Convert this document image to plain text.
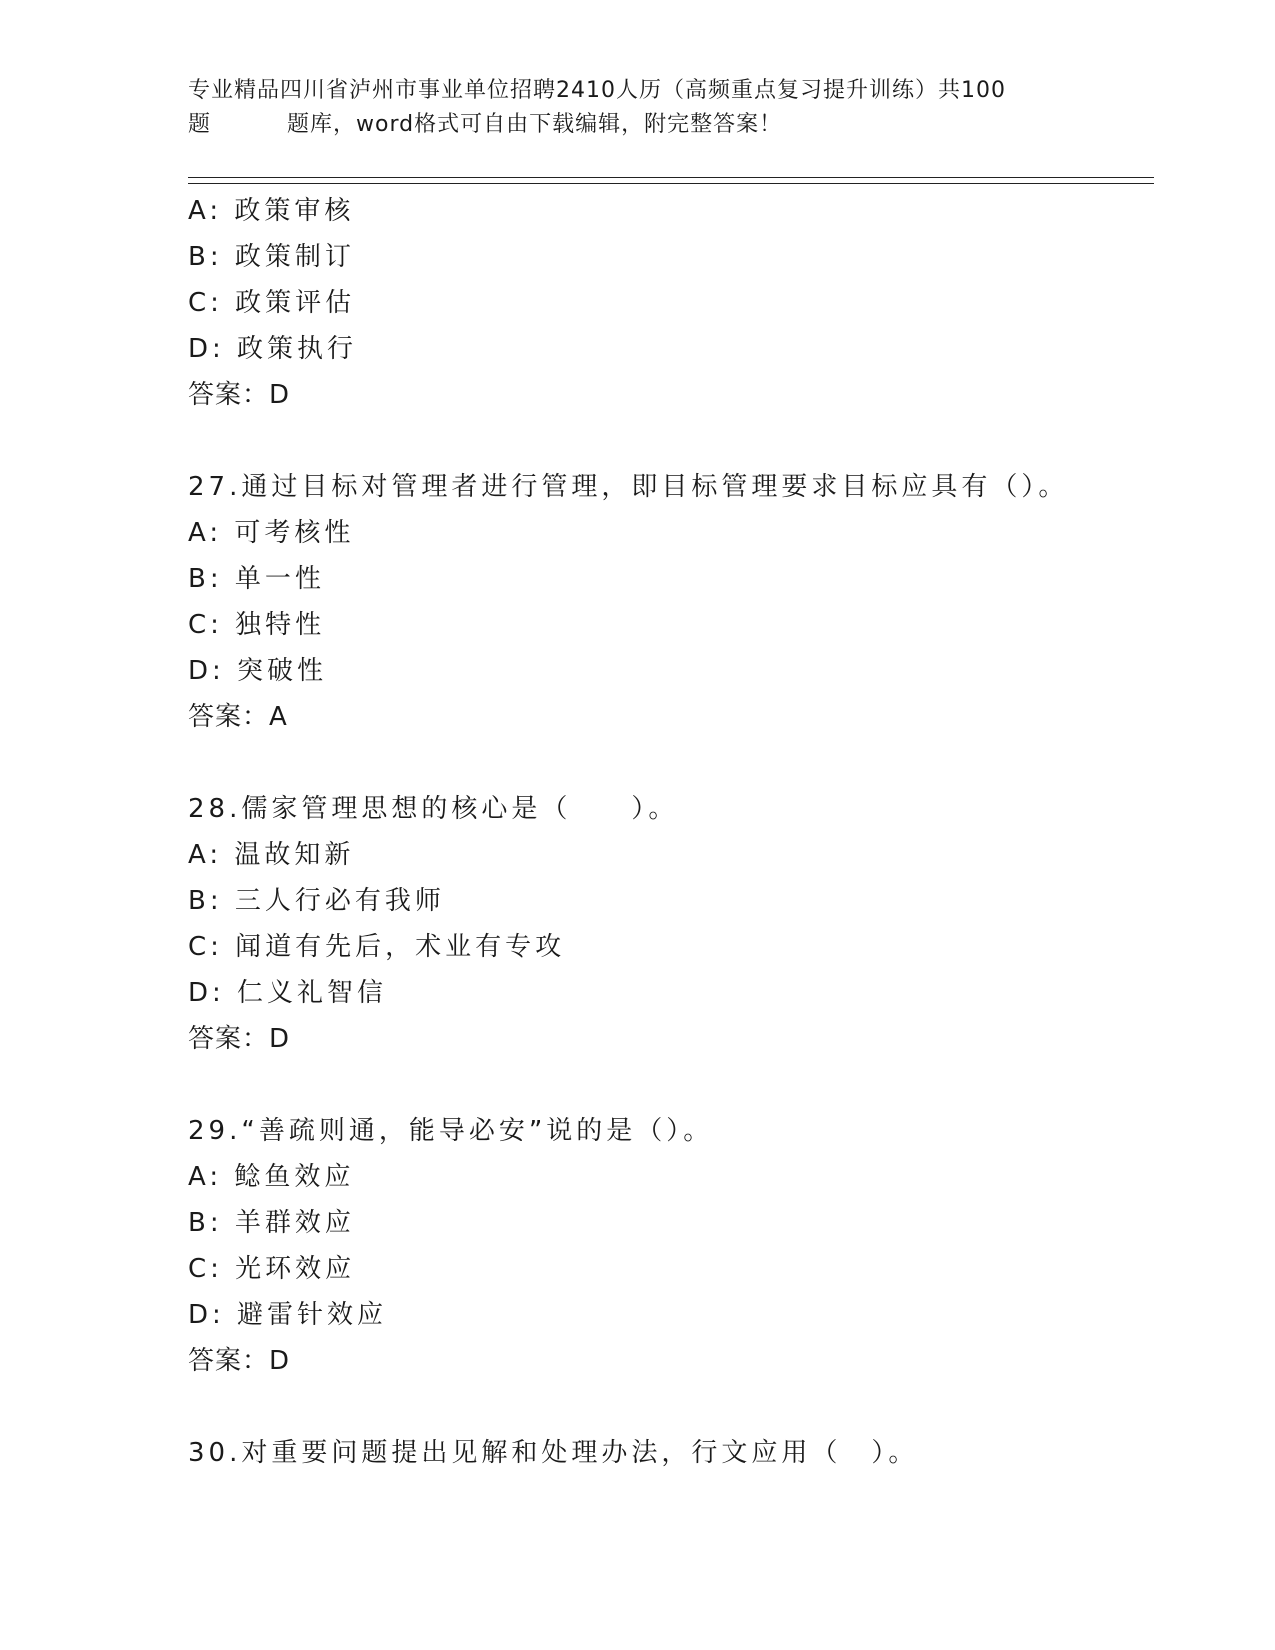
专业精品四川省泸州市事业单位招聘2410人历（高频重点复习提升训练）共100
题	题库，word格式可自由下载编辑，附完整答案！
A: 政策审核
B: 政策制订
C: 政策评估
D: 政策执行
答案：D
27.通过目标对管理者进行管理，即目标管理要求目标应具有（）。
A: 可考核性
B: 单一性
C: 独特性
D: 突破性
答案：A
28.儒家管理思想的核心是（　　）。
A: 温故知新
B: 三人行必有我师
C: 闻道有先后，术业有专攻
D: 仁义礼智信
答案：D
29.“善疏则通，能导必安”说的是（）。
A: 鲶鱼效应
B: 羊群效应
C: 光环效应
D: 避雷针效应
答案：D
30.对重要问题提出见解和处理办法，行文应用（　）。
